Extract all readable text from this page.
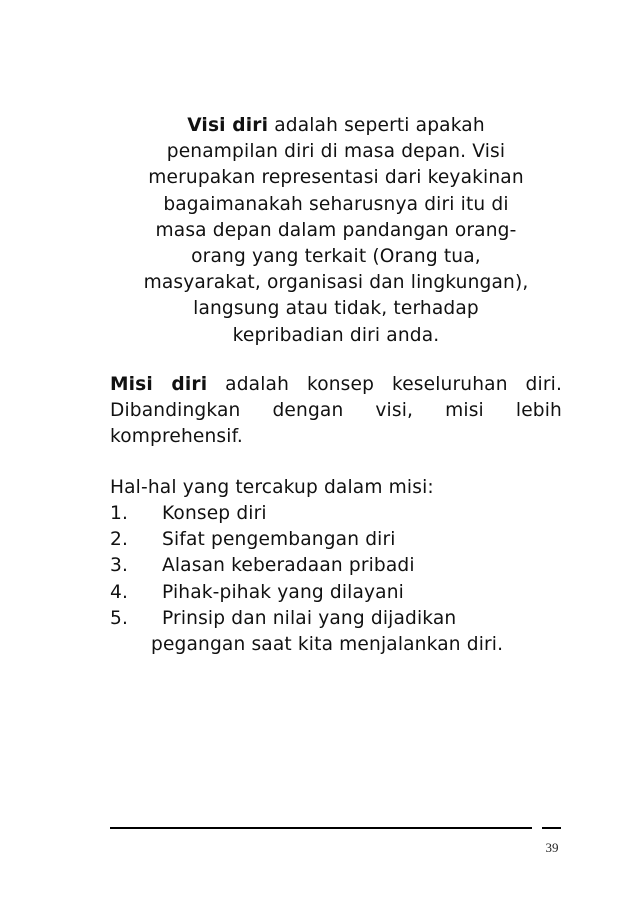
Visi diri adalah seperti apakah
penampilan diri di masa depan. Visi
merupakan representasi dari keyakinan
bagaimanakah seharusnya diri itu di
masa depan dalam pandangan orang-
orang yang terkait (Orang tua,
masyarakat, organisasi dan lingkungan),
langsung atau tidak, terhadap
kepribadian diri anda.

Misi diri adalah konsep keseluruhan diri. Dibandingkan dengan visi, misi lebih komprehensif.

Hal-hal yang tercakup dalam misi:

1. Konsep diri
2. Sifat pengembangan diri
3. Alasan keberadaan pribadi
4. Pihak-pihak yang dilayani
5. Prinsip dan nilai yang dijadikan
pegangan saat kita menjalankan diri.
39
